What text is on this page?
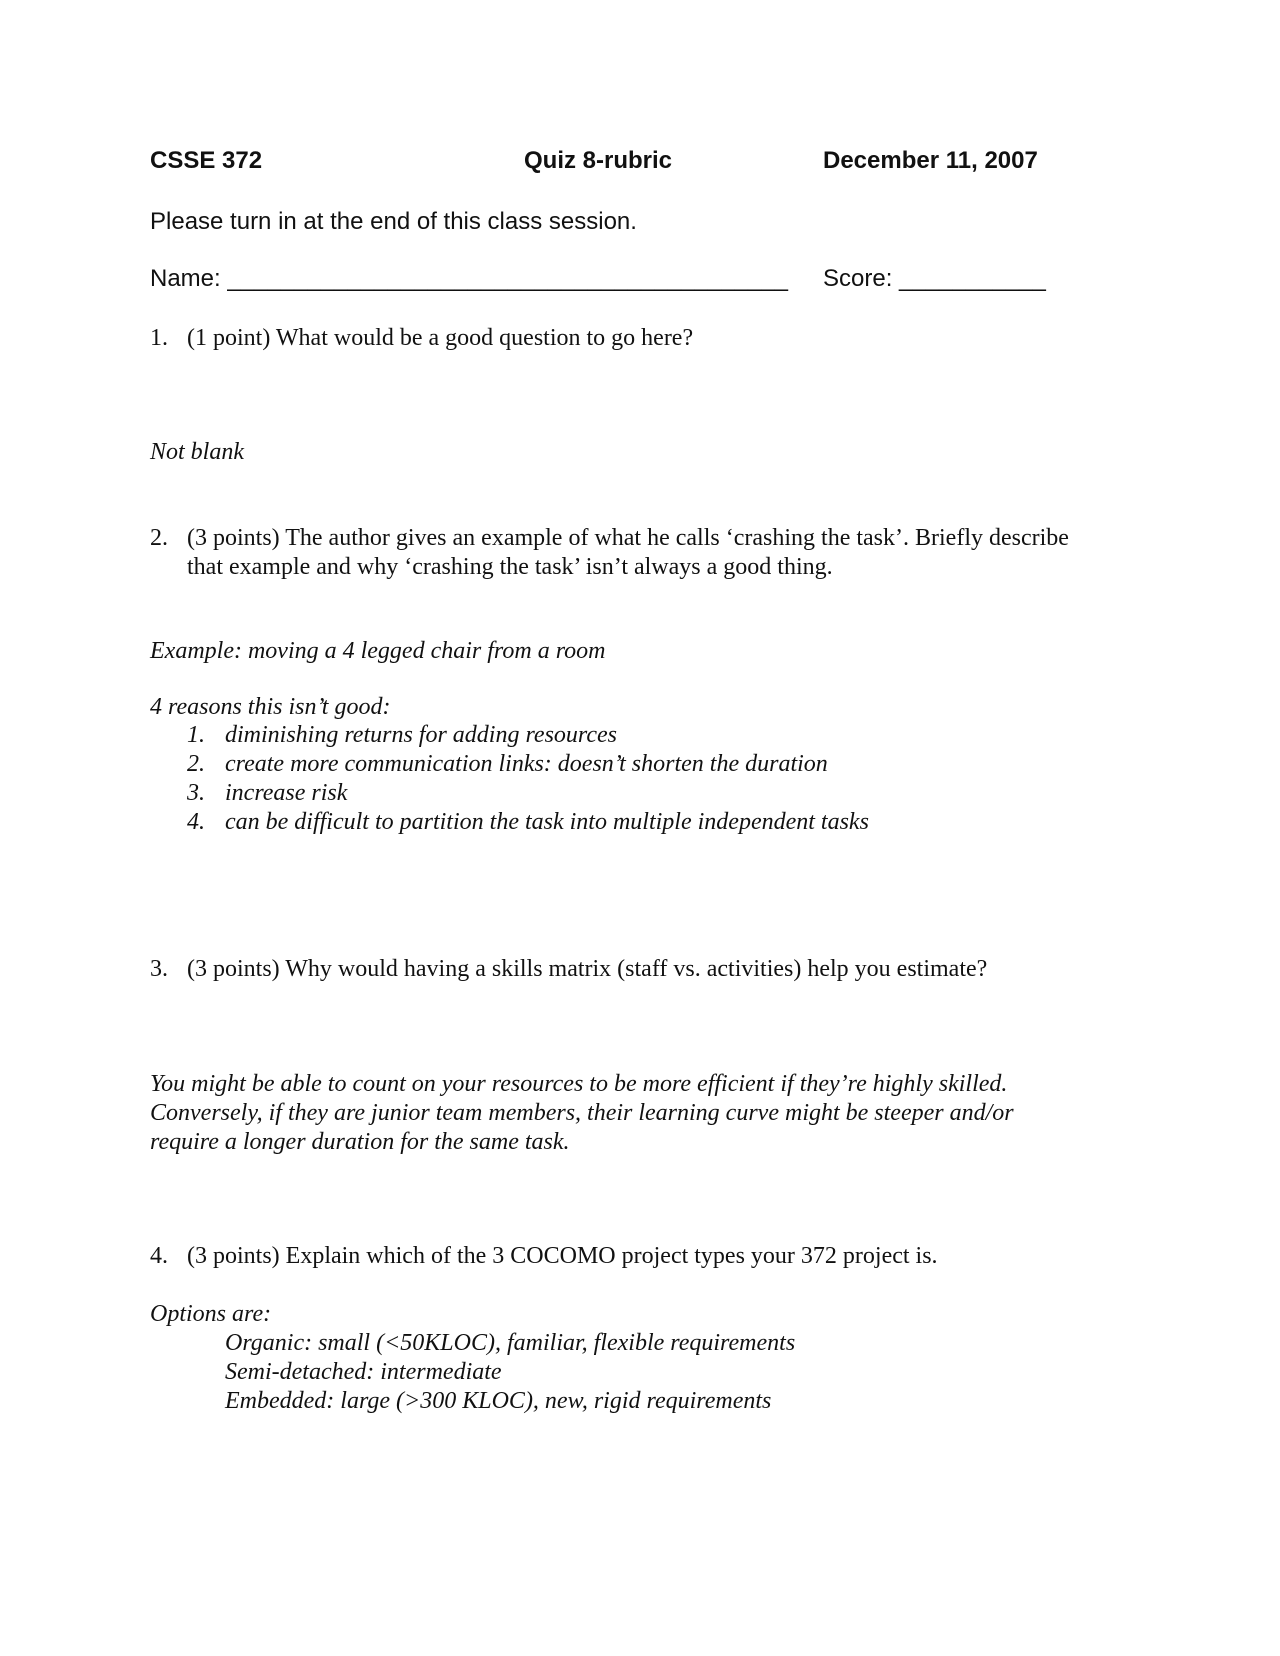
CSSE 372	Quiz 8-rubric	December 11, 2007
Please turn in at the end of this class session.
Name: __________________________________________ Score: ___________
1. (1 point) What would be a good question to go here?
Not blank
2. (3 points) The author gives an example of what he calls ‘crashing the task’. Briefly describe
that example and why ‘crashing the task’ isn’t always a good thing.
Example: moving a 4 legged chair from a room
4 reasons this isn’t good:
1. diminishing returns for adding resources
2. create more communication links: doesn’t shorten the duration
3. increase risk
4. can be difficult to partition the task into multiple independent tasks
3. (3 points) Why would having a skills matrix (staff vs. activities) help you estimate?
You might be able to count on your resources to be more efficient if they’re highly skilled.
Conversely, if they are junior team members, their learning curve might be steeper and/or
require a longer duration for the same task.
4. (3 points) Explain which of the 3 COCOMO project types your 372 project is.
Options are:
Organic: small (<50KLOC), familiar, flexible requirements
Semi-detached: intermediate
Embedded: large (>300 KLOC), new, rigid requirements
